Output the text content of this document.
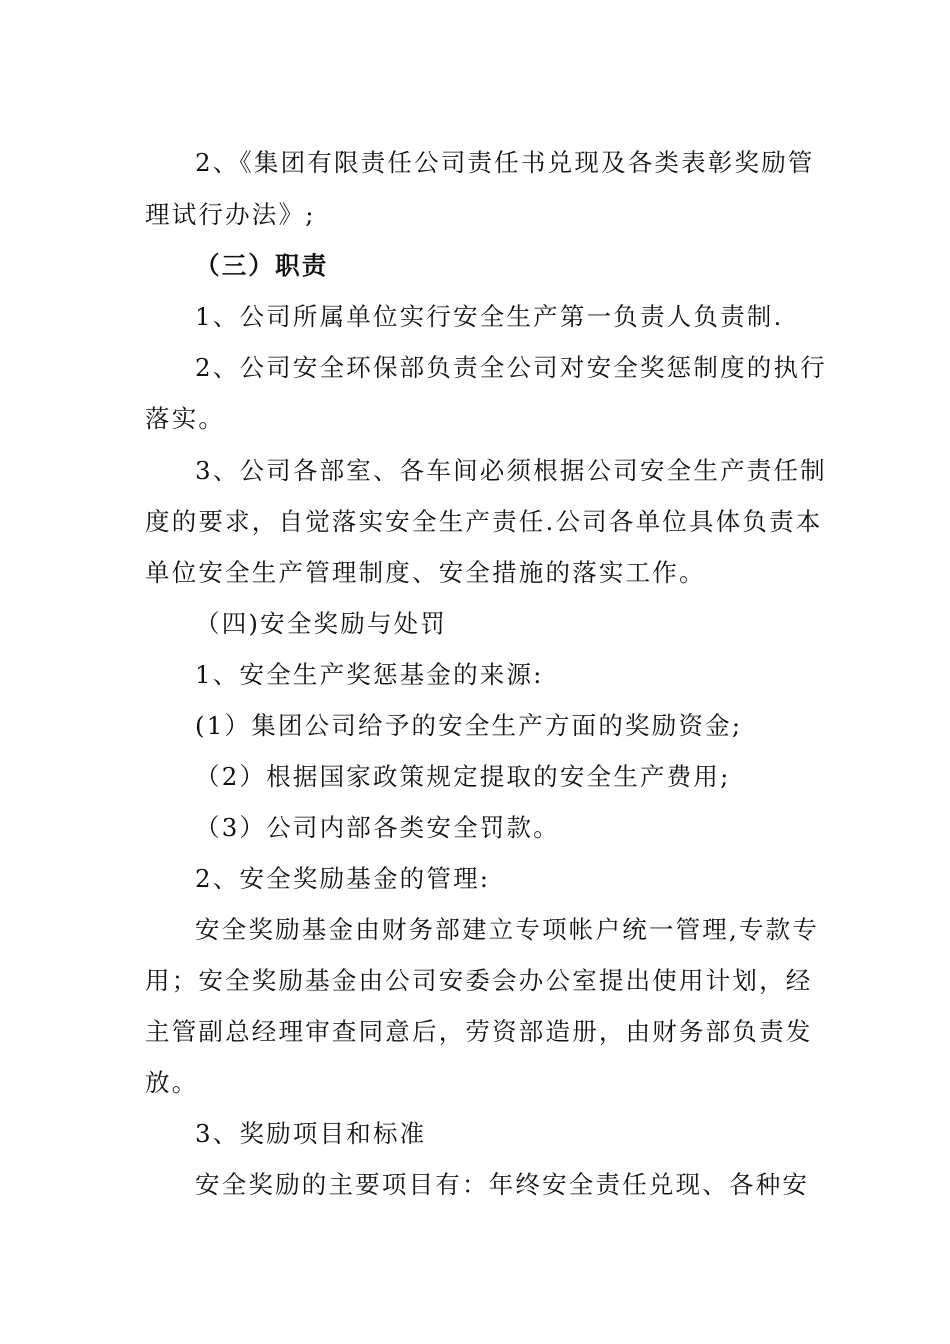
2、《集团有限责任公司责任书兑现及各类表彰奖励管
理试行办法》;
（三）职责
1、公司所属单位实行安全生产第一负责人负责制.
2、公司安全环保部负责全公司对安全奖惩制度的执行
落实。
3、公司各部室、各车间必须根据公司安全生产责任制
度的要求，自觉落实安全生产责任.公司各单位具体负责本
单位安全生产管理制度、安全措施的落实工作。
（四)安全奖励与处罚
1、安全生产奖惩基金的来源:
(1）集团公司给予的安全生产方面的奖励资金;
（2）根据国家政策规定提取的安全生产费用;
（3）公司内部各类安全罚款。
2、安全奖励基金的管理:
安全奖励基金由财务部建立专项帐户统一管理,专款专
用；安全奖励基金由公司安委会办公室提出使用计划，经
主管副总经理审查同意后，劳资部造册，由财务部负责发
放。
3、奖励项目和标准
安全奖励的主要项目有：年终安全责任兑现、各种安
